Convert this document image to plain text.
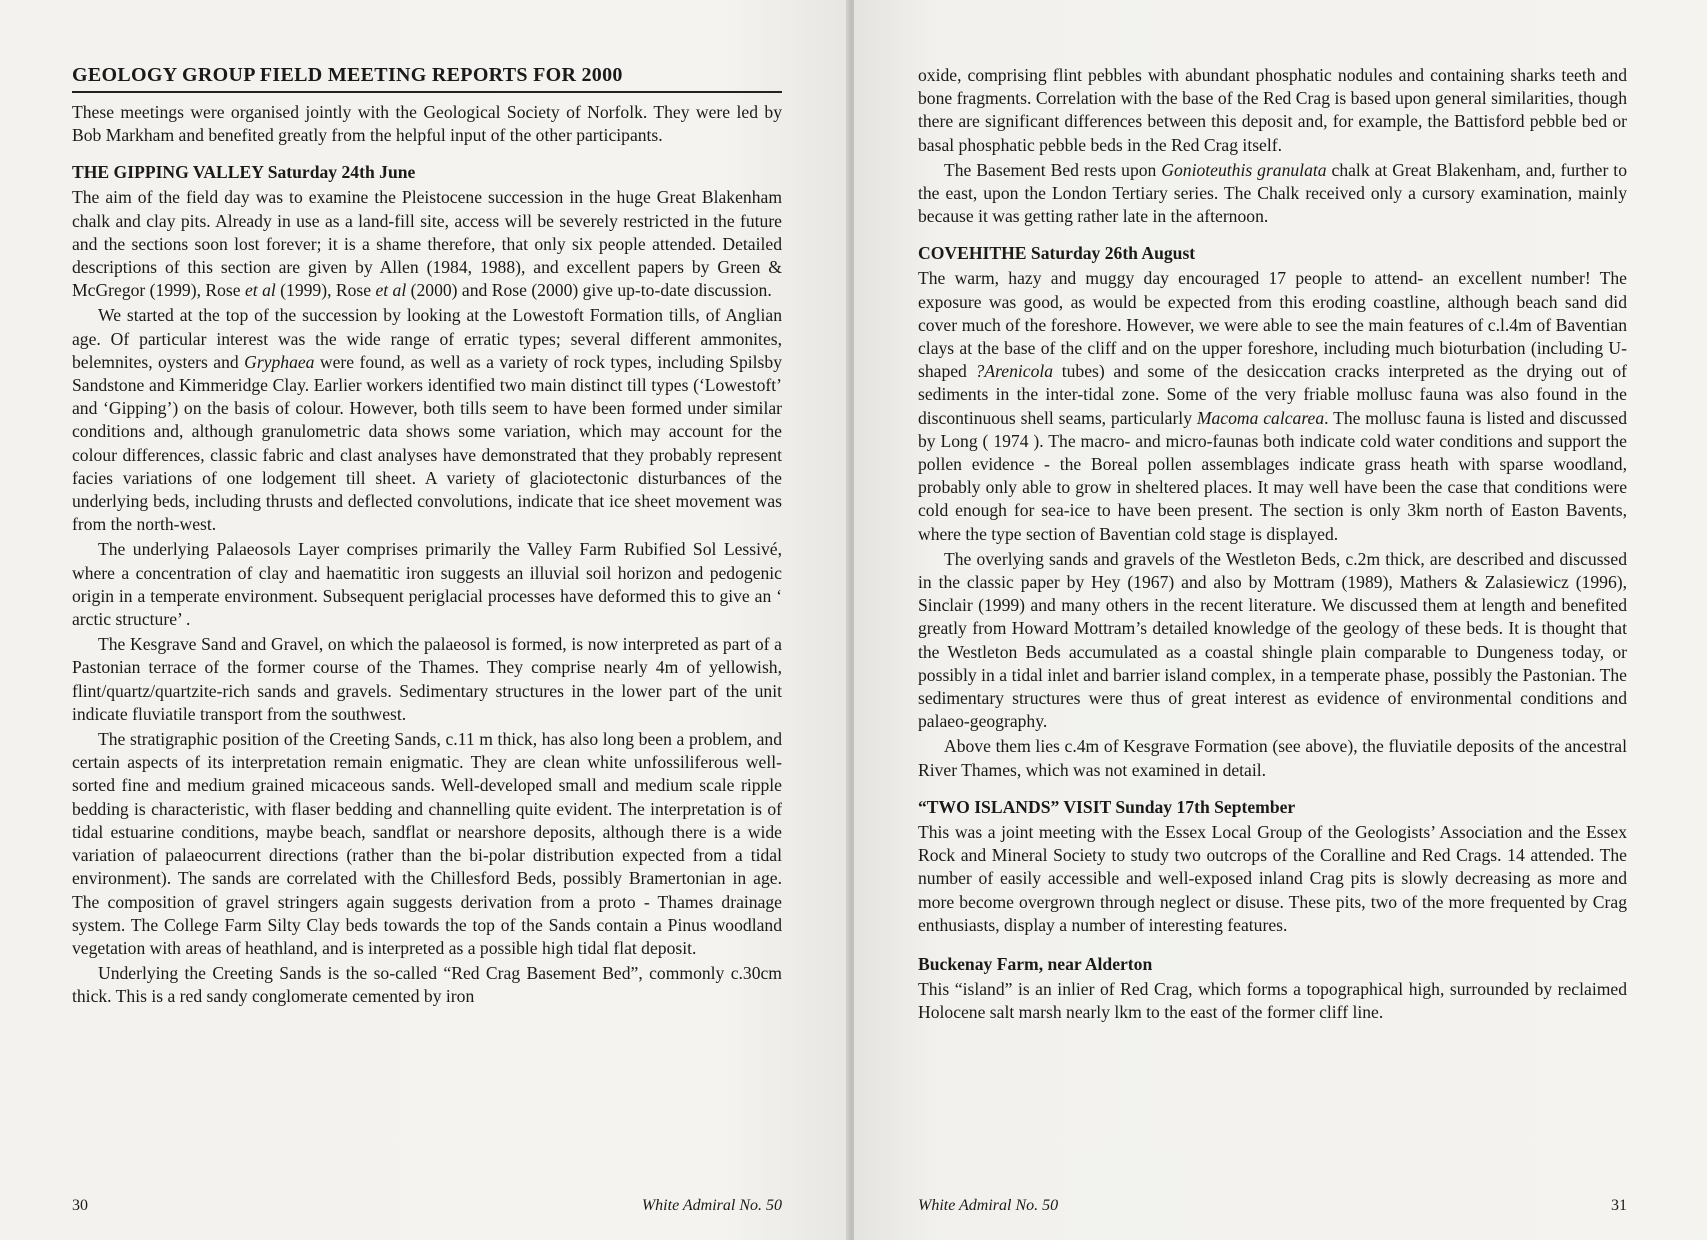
GEOLOGY GROUP FIELD MEETING REPORTS FOR 2000

These meetings were organised jointly with the Geological Society of Norfolk. They were led by Bob Markham and benefited greatly from the helpful input of the other participants.

THE GIPPING VALLEY Saturday 24th June

The aim of the field day was to examine the Pleistocene succession in the huge Great Blakenham chalk and clay pits. Already in use as a land-fill site, access will be severely restricted in the future and the sections soon lost forever; it is a shame therefore, that only six people attended. Detailed descriptions of this section are given by Allen (1984, 1988), and excellent papers by Green & McGregor (1999), Rose et al (1999), Rose et al (2000) and Rose (2000) give up-to-date discussion.

We started at the top of the succession by looking at the Lowestoft Formation tills, of Anglian age. Of particular interest was the wide range of erratic types; several different ammonites, belemnites, oysters and Gryphaea were found, as well as a variety of rock types, including Spilsby Sandstone and Kimmeridge Clay. Earlier workers identified two main distinct till types (‘Lowestoft’ and ‘Gipping’) on the basis of colour. However, both tills seem to have been formed under similar conditions and, although granulometric data shows some variation, which may account for the colour differences, classic fabric and clast analyses have demonstrated that they probably represent facies variations of one lodgement till sheet. A variety of glaciotectonic disturbances of the underlying beds, including thrusts and deflected convolutions, indicate that ice sheet movement was from the north-west.

The underlying Palaeosols Layer comprises primarily the Valley Farm Rubified Sol Lessivé, where a concentration of clay and haematitic iron suggests an illuvial soil horizon and pedogenic origin in a temperate environment. Subsequent periglacial processes have deformed this to give an ‘ arctic structure’ .

The Kesgrave Sand and Gravel, on which the palaeosol is formed, is now interpreted as part of a Pastonian terrace of the former course of the Thames. They comprise nearly 4m of yellowish, flint/quartz/quartzite-rich sands and gravels. Sedimentary structures in the lower part of the unit indicate fluviatile transport from the southwest.

The stratigraphic position of the Creeting Sands, c.11 m thick, has also long been a problem, and certain aspects of its interpretation remain enigmatic. They are clean white unfossiliferous well-sorted fine and medium grained micaceous sands. Well-developed small and medium scale ripple bedding is characteristic, with flaser bedding and channelling quite evident. The interpretation is of tidal estuarine conditions, maybe beach, sandflat or nearshore deposits, although there is a wide variation of palaeocurrent directions (rather than the bi-polar distribution expected from a tidal environment). The sands are correlated with the Chillesford Beds, possibly Bramertonian in age. The composition of gravel stringers again suggests derivation from a proto - Thames drainage system. The College Farm Silty Clay beds towards the top of the Sands contain a Pinus woodland vegetation with areas of heathland, and is interpreted as a possible high tidal flat deposit.

Underlying the Creeting Sands is the so-called “Red Crag Basement Bed”, commonly c.30cm thick. This is a red sandy conglomerate cemented by iron

30	White Admiral No. 50

oxide, comprising flint pebbles with abundant phosphatic nodules and containing sharks teeth and bone fragments. Correlation with the base of the Red Crag is based upon general similarities, though there are significant differences between this deposit and, for example, the Battisford pebble bed or basal phosphatic pebble beds in the Red Crag itself.

The Basement Bed rests upon Gonioteuthis granulata chalk at Great Blakenham, and, further to the east, upon the London Tertiary series. The Chalk received only a cursory examination, mainly because it was getting rather late in the afternoon.

COVEHITHE Saturday 26th August

The warm, hazy and muggy day encouraged 17 people to attend- an excellent number! The exposure was good, as would be expected from this eroding coastline, although beach sand did cover much of the foreshore. However, we were able to see the main features of c.l.4m of Baventian clays at the base of the cliff and on the upper foreshore, including much bioturbation (including U-shaped ?Arenicola tubes) and some of the desiccation cracks interpreted as the drying out of sediments in the inter-tidal zone. Some of the very friable mollusc fauna was also found in the discontinuous shell seams, particularly Macoma calcarea. The mollusc fauna is listed and discussed by Long ( 1974 ). The macro- and micro-faunas both indicate cold water conditions and support the pollen evidence - the Boreal pollen assemblages indicate grass heath with sparse woodland, probably only able to grow in sheltered places. It may well have been the case that conditions were cold enough for sea-ice to have been present. The section is only 3km north of Easton Bavents, where the type section of Baventian cold stage is displayed.

The overlying sands and gravels of the Westleton Beds, c.2m thick, are described and discussed in the classic paper by Hey (1967) and also by Mottram (1989), Mathers & Zalasiewicz (1996), Sinclair (1999) and many others in the recent literature. We discussed them at length and benefited greatly from Howard Mottram’s detailed knowledge of the geology of these beds. It is thought that the Westleton Beds accumulated as a coastal shingle plain comparable to Dungeness today, or possibly in a tidal inlet and barrier island complex, in a temperate phase, possibly the Pastonian. The sedimentary structures were thus of great interest as evidence of environmental conditions and palaeo-geography.

Above them lies c.4m of Kesgrave Formation (see above), the fluviatile deposits of the ancestral River Thames, which was not examined in detail.

“TWO ISLANDS” VISIT Sunday 17th September

This was a joint meeting with the Essex Local Group of the Geologists’ Association and the Essex Rock and Mineral Society to study two outcrops of the Coralline and Red Crags. 14 attended. The number of easily accessible and well-exposed inland Crag pits is slowly decreasing as more and more become overgrown through neglect or disuse. These pits, two of the more frequented by Crag enthusiasts, display a number of interesting features.

Buckenay Farm, near Alderton

This “island” is an inlier of Red Crag, which forms a topographical high, surrounded by reclaimed Holocene salt marsh nearly lkm to the east of the former cliff line.

White Admiral No. 50	31
